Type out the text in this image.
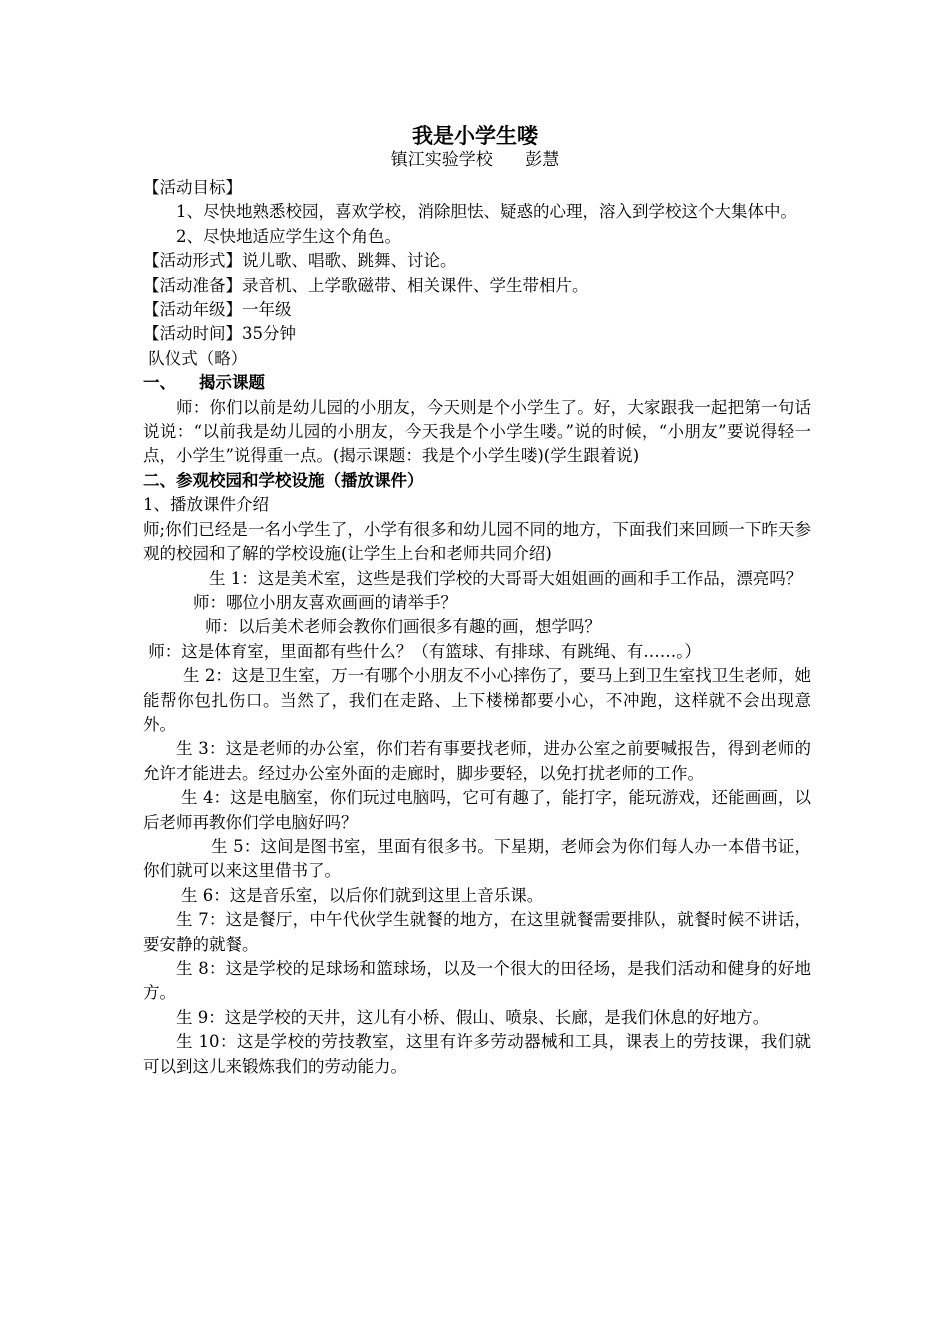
我是小学生喽
镇江实验学校      彭慧

【活动目标】

1、尽快地熟悉校园，喜欢学校，消除胆怯、疑惑的心理，溶入到学校这个大集体中。

2、尽快地适应学生这个角色。

【活动形式】说儿歌、唱歌、跳舞、讨论。

【活动准备】录音机、上学歌磁带、相关课件、学生带相片。

【活动年级】一年级

【活动时间】35分钟

队仪式（略）

一、    揭示课题

师：你们以前是幼儿园的小朋友，今天则是个小学生了。好，大家跟我一起把第一句话说说：“以前我是幼儿园的小朋友，今天我是个小学生喽。”说的时候，“小朋友”要说得轻一点，小学生”说得重一点。(揭示课题：我是个小学生喽)(学生跟着说)

二、参观校园和学校设施（播放课件）

1、播放课件介绍

师;你们已经是一名小学生了，小学有很多和幼儿园不同的地方，下面我们来回顾一下昨天参观的校园和了解的学校设施(让学生上台和老师共同介绍)

生 1：这是美术室，这些是我们学校的大哥哥大姐姐画的画和手工作品，漂亮吗？

师：哪位小朋友喜欢画画的请举手？

师：以后美术老师会教你们画很多有趣的画，想学吗？

师：这是体育室，里面都有些什么？（有篮球、有排球、有跳绳、有……。）

生 2：这是卫生室，万一有哪个小朋友不小心摔伤了，要马上到卫生室找卫生老师，她能帮你包扎伤口。当然了，我们在走路、上下楼梯都要小心，不冲跑，这样就不会出现意外。

生 3：这是老师的办公室，你们若有事要找老师，进办公室之前要喊报告，得到老师的允许才能进去。经过办公室外面的走廊时，脚步要轻，以免打扰老师的工作。

生 4：这是电脑室，你们玩过电脑吗，它可有趣了，能打字，能玩游戏，还能画画，以后老师再教你们学电脑好吗？

生 5：这间是图书室，里面有很多书。下星期，老师会为你们每人办一本借书证，你们就可以来这里借书了。

生 6：这是音乐室，以后你们就到这里上音乐课。

生 7：这是餐厅，中午代伙学生就餐的地方，在这里就餐需要排队，就餐时候不讲话，要安静的就餐。

生 8：这是学校的足球场和篮球场，以及一个很大的田径场，是我们活动和健身的好地方。

生 9：这是学校的天井，这儿有小桥、假山、喷泉、长廊，是我们休息的好地方。

生 10：这是学校的劳技教室，这里有许多劳动器械和工具，课表上的劳技课，我们就可以到这儿来锻炼我们的劳动能力。
